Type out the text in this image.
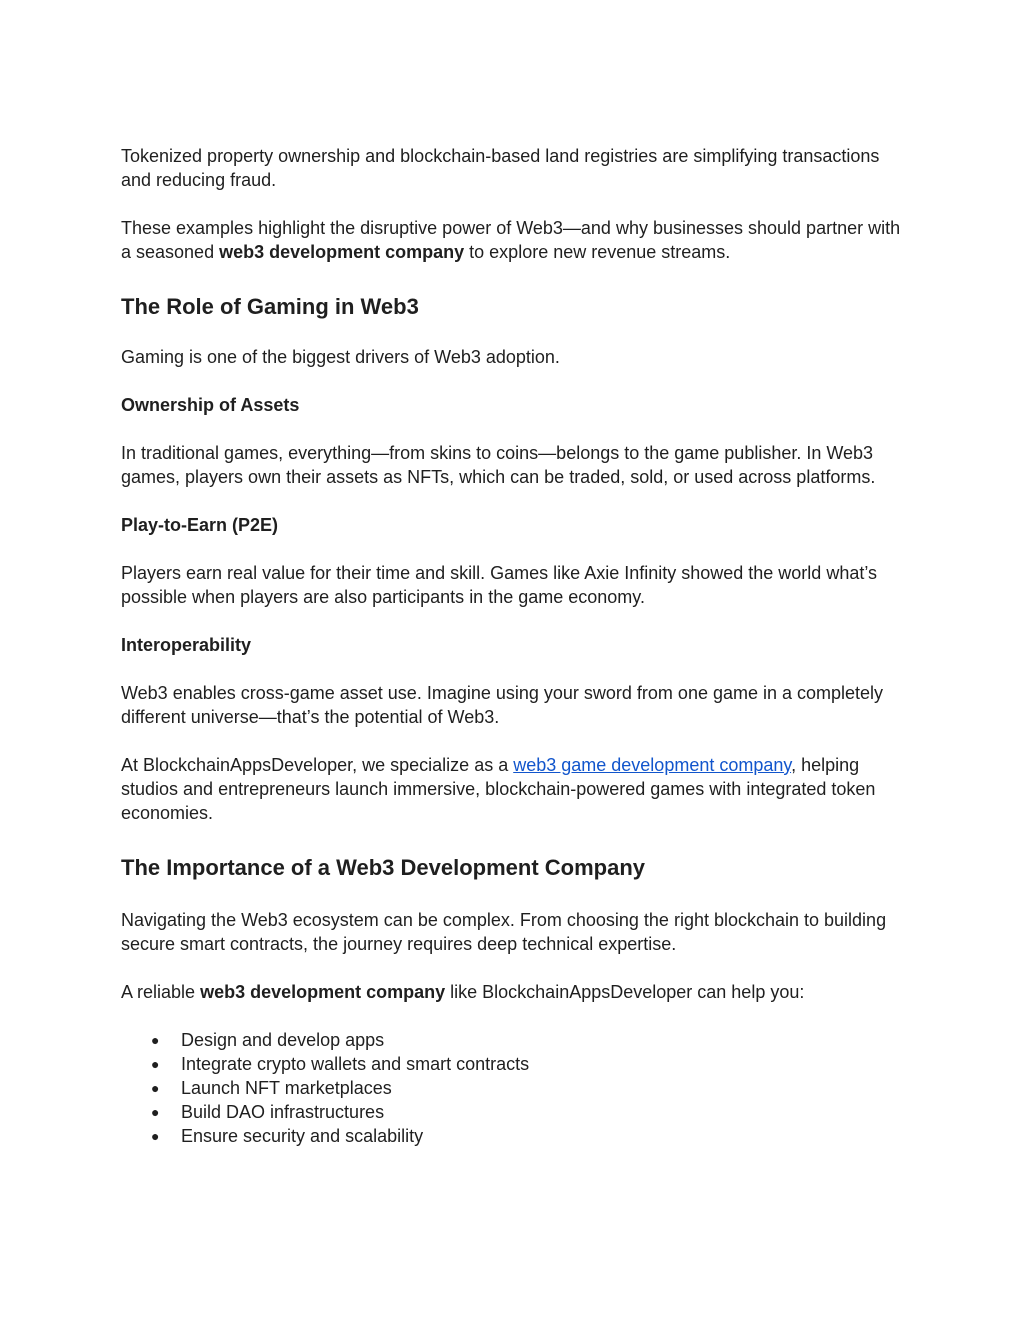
Tokenized property ownership and blockchain-based land registries are simplifying transactions and reducing fraud.

These examples highlight the disruptive power of Web3—and why businesses should partner with a seasoned web3 development company to explore new revenue streams.

The Role of Gaming in Web3

Gaming is one of the biggest drivers of Web3 adoption.

Ownership of Assets

In traditional games, everything—from skins to coins—belongs to the game publisher. In Web3 games, players own their assets as NFTs, which can be traded, sold, or used across platforms.

Play-to-Earn (P2E)

Players earn real value for their time and skill. Games like Axie Infinity showed the world what’s possible when players are also participants in the game economy.

Interoperability

Web3 enables cross-game asset use. Imagine using your sword from one game in a completely different universe—that’s the potential of Web3.

At BlockchainAppsDeveloper, we specialize as a web3 game development company, helping studios and entrepreneurs launch immersive, blockchain-powered games with integrated token economies.

The Importance of a Web3 Development Company

Navigating the Web3 ecosystem can be complex. From choosing the right blockchain to building secure smart contracts, the journey requires deep technical expertise.

A reliable web3 development company like BlockchainAppsDeveloper can help you:

● Design and develop apps
● Integrate crypto wallets and smart contracts
● Launch NFT marketplaces
● Build DAO infrastructures
● Ensure security and scalability
